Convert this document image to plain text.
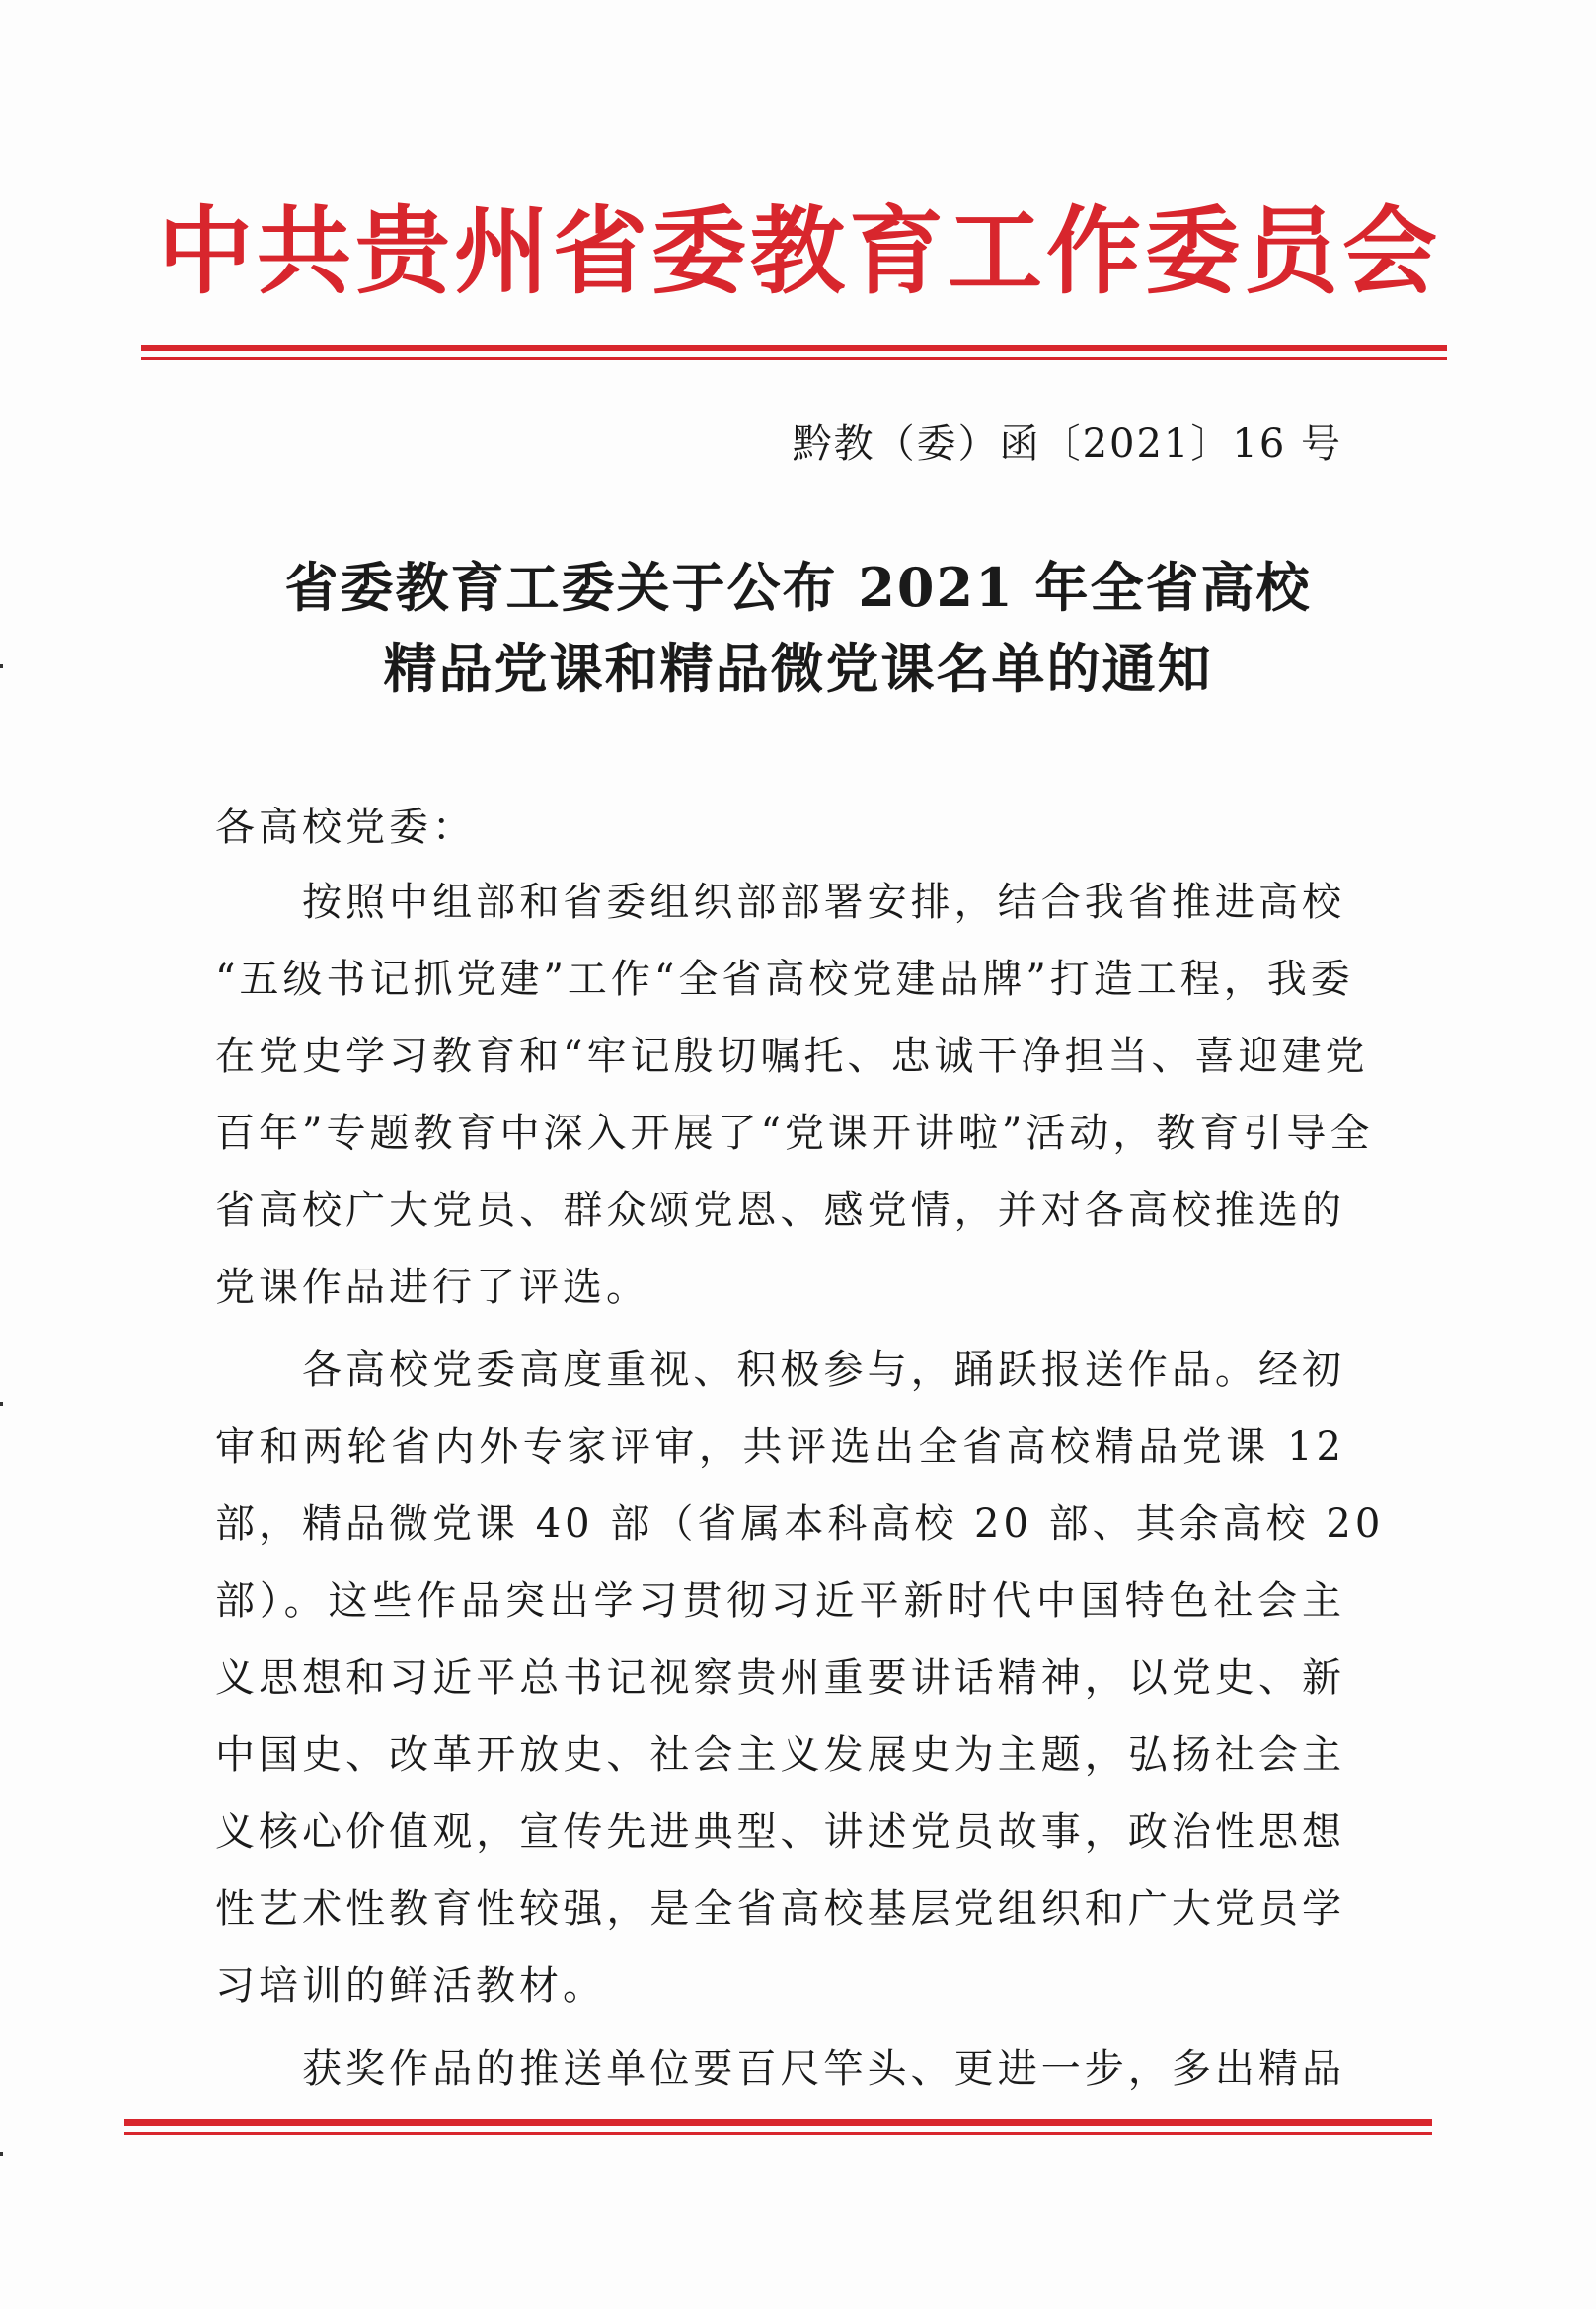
中共贵州省委教育工作委员会
黔教（委）函〔2021〕16 号
省委教育工委关于公布 2021 年全省高校
精品党课和精品微党课名单的通知
各高校党委：
按照中组部和省委组织部部署安排，结合我省推进高校
“五级书记抓党建”工作“全省高校党建品牌”打造工程，我委
在党史学习教育和“牢记殷切嘱托、忠诚干净担当、喜迎建党
百年”专题教育中深入开展了“党课开讲啦”活动，教育引导全
省高校广大党员、群众颂党恩、感党情，并对各高校推选的
党课作品进行了评选。
各高校党委高度重视、积极参与，踊跃报送作品。经初
审和两轮省内外专家评审，共评选出全省高校精品党课 12
部，精品微党课 40 部（省属本科高校 20 部、其余高校 20
部）。这些作品突出学习贯彻习近平新时代中国特色社会主
义思想和习近平总书记视察贵州重要讲话精神，以党史、新
中国史、改革开放史、社会主义发展史为主题，弘扬社会主
义核心价值观，宣传先进典型、讲述党员故事，政治性思想
性艺术性教育性较强，是全省高校基层党组织和广大党员学
习培训的鲜活教材。
获奖作品的推送单位要百尺竿头、更进一步，多出精品
